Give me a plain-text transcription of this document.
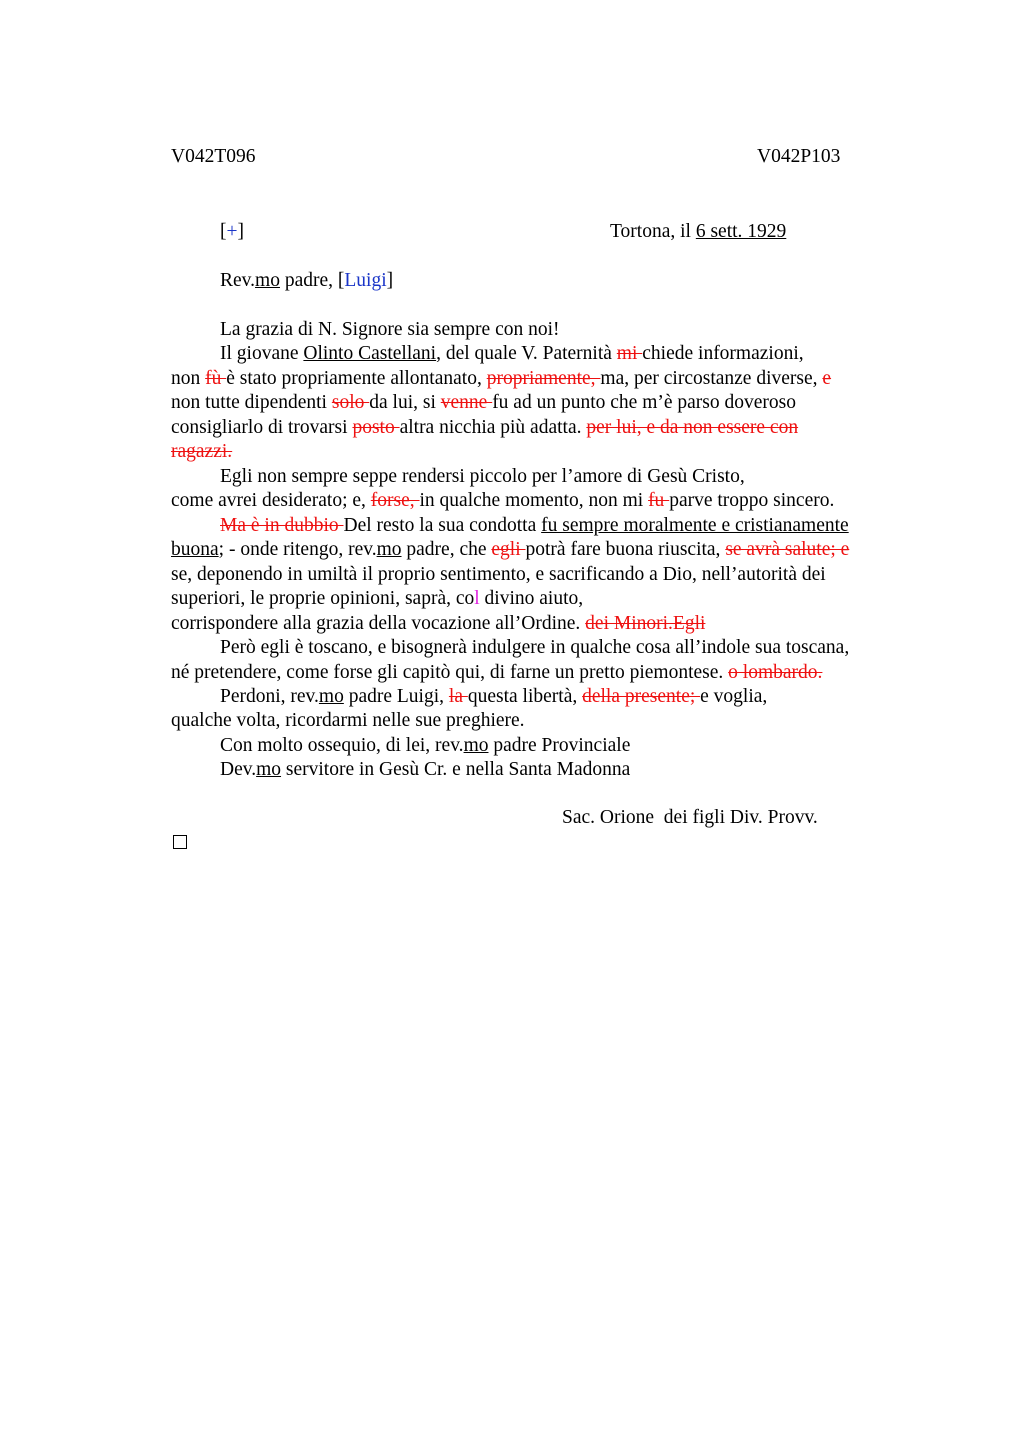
V042T096	V042P103
[+]	Tortona, il 6 sett. 1929
Rev.mo padre, [Luigi]
La grazia di N. Signore sia sempre con noi!
Il giovane Olinto Castellani, del quale V. Paternità mi chiede informazioni,
non fù è stato propriamente allontanato, propriamente, ma, per circostanze diverse, e
non tutte dipendenti solo da lui, si venne fu ad un punto che m’è parso doveroso
consigliarlo di trovarsi posto altra nicchia più adatta. per lui, e da non essere con
ragazzi.
Egli non sempre seppe rendersi piccolo per l’amore di Gesù Cristo,
come avrei desiderato; e, forse, in qualche momento, non mi fu parve troppo sincero.
Ma è in dubbio Del resto la sua condotta fu sempre moralmente e cristianamente
buona; - onde ritengo, rev.mo padre, che egli potrà fare buona riuscita, se avrà salute; e
se, deponendo in umiltà il proprio sentimento, e sacrificando a Dio, nell’autorità dei
superiori, le proprie opinioni, saprà, col divino aiuto,
corrispondere alla grazia della vocazione all’Ordine. dei Minori.Egli
Però egli è toscano, e bisognerà indulgere in qualche cosa all’indole sua toscana,
né pretendere, come forse gli capitò qui, di farne un pretto piemontese. o lombardo.
Perdoni, rev.mo padre Luigi, la questa libertà, della presente; e voglia,
qualche volta, ricordarmi nelle sue preghiere.
Con molto ossequio, di lei, rev.mo padre Provinciale
Dev.mo servitore in Gesù Cr. e nella Santa Madonna
Sac. Orione  dei figli Div. Provv.
